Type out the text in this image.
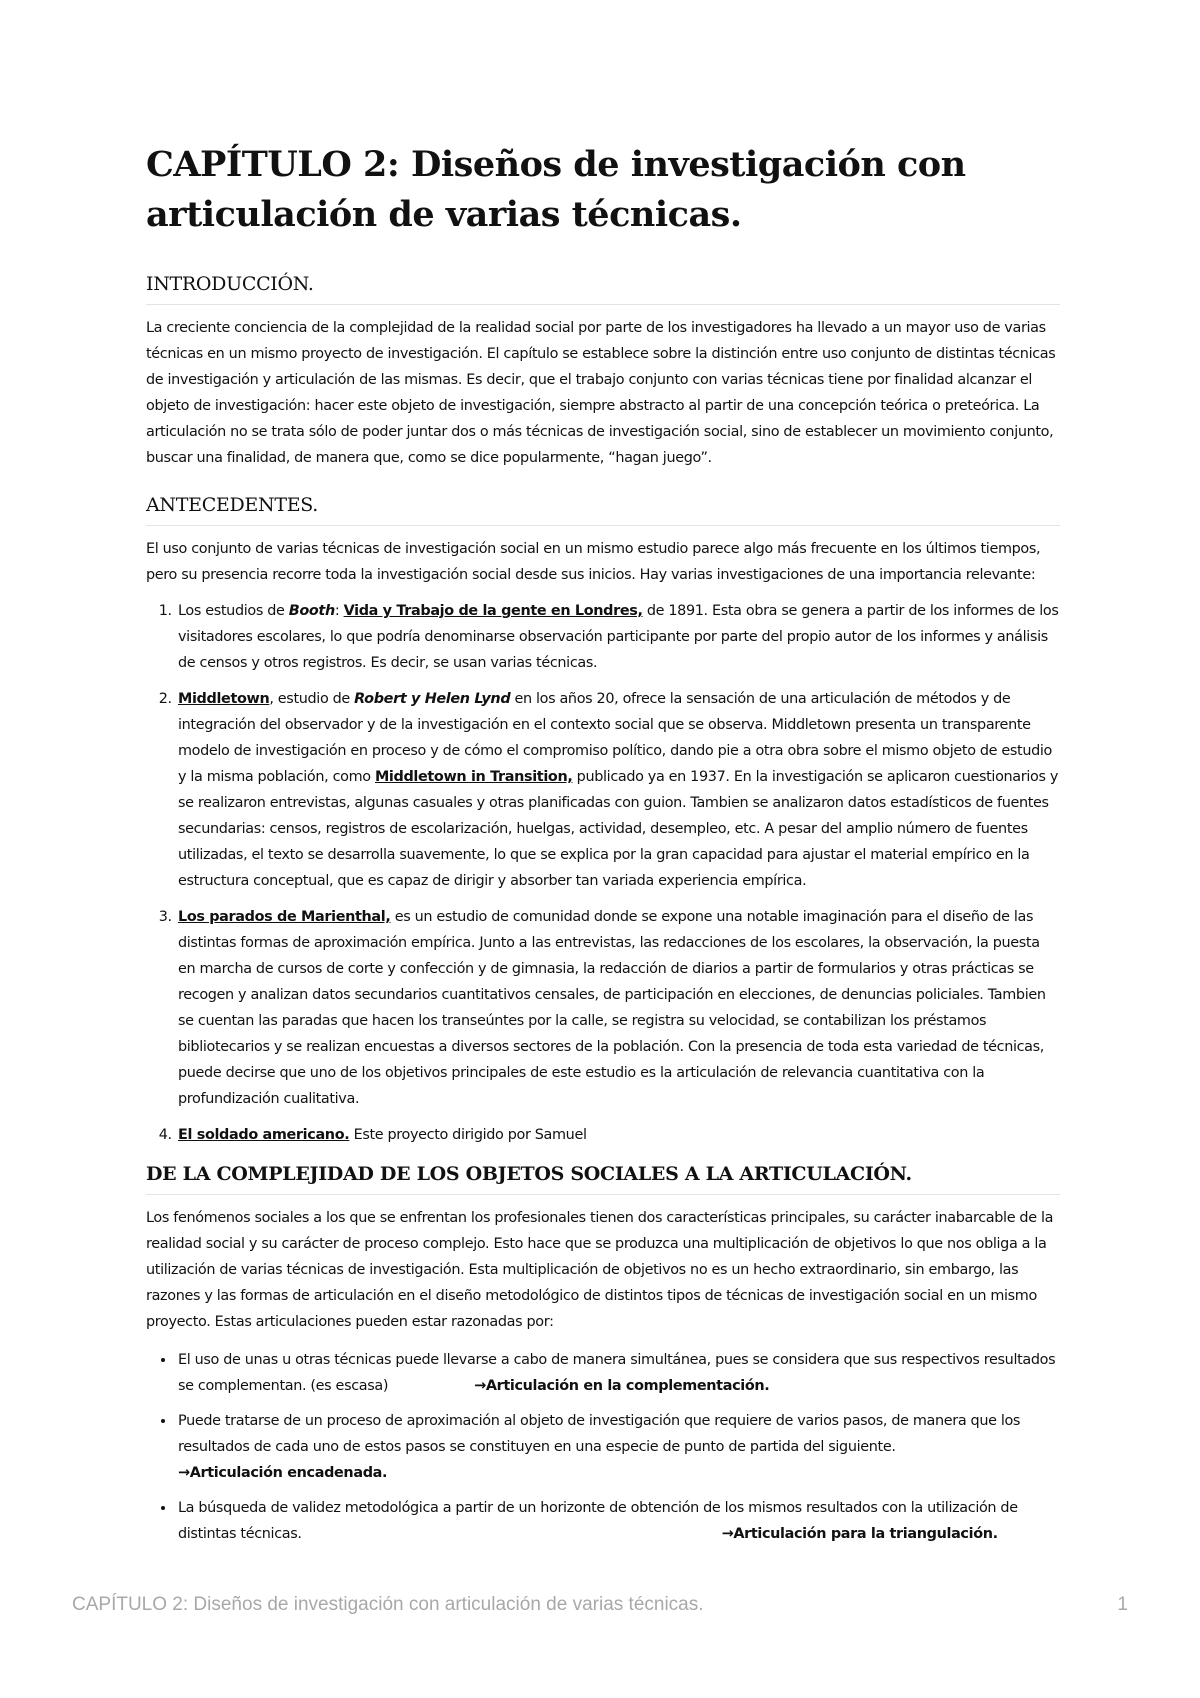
CAPÍTULO 2: Diseños de investigación con articulación de varias técnicas.
INTRODUCCIÓN.

La creciente conciencia de la complejidad de la realidad social por parte de los investigadores ha llevado a un mayor uso de varias técnicas en un mismo proyecto de investigación. El capítulo se establece sobre la distinción entre uso conjunto de distintas técnicas de investigación y articulación de las mismas. Es decir, que el trabajo conjunto con varias técnicas tiene por finalidad alcanzar el objeto de investigación: hacer este objeto de investigación, siempre abstracto al partir de una concepción teórica o preteórica. La articulación no se trata sólo de poder juntar dos o más técnicas de investigación social, sino de establecer un movimiento conjunto, buscar una finalidad, de manera que, como se dice popularmente, “hagan juego”.

ANTECEDENTES.

El uso conjunto de varias técnicas de investigación social en un mismo estudio parece algo más frecuente en los últimos tiempos, pero su presencia recorre toda la investigación social desde sus inicios. Hay varias investigaciones de una importancia relevante:

1. Los estudios de Booth: Vida y Trabajo de la gente en Londres, de 1891. Esta obra se genera a partir de los informes de los visitadores escolares, lo que podría denominarse observación participante por parte del propio autor de los informes y análisis de censos y otros registros. Es decir, se usan varias técnicas.
2. Middletown, estudio de Robert y Helen Lynd en los años 20, ofrece la sensación de una articulación de métodos y de integración del observador y de la investigación en el contexto social que se observa. Middletown presenta un transparente modelo de investigación en proceso y de cómo el compromiso político, dando pie a otra obra sobre el mismo objeto de estudio y la misma población, como Middletown in Transition, publicado ya en 1937. En la investigación se aplicaron cuestionarios y se realizaron entrevistas, algunas casuales y otras planificadas con guion. Tambien se analizaron datos estadísticos de fuentes secundarias: censos, registros de escolarización, huelgas, actividad, desempleo, etc. A pesar del amplio número de fuentes utilizadas, el texto se desarrolla suavemente, lo que se explica por la gran capacidad para ajustar el material empírico en la estructura conceptual, que es capaz de dirigir y absorber tan variada experiencia empírica.
3. Los parados de Marienthal, es un estudio de comunidad donde se expone una notable imaginación para el diseño de las distintas formas de aproximación empírica. Junto a las entrevistas, las redacciones de los escolares, la observación, la puesta en marcha de cursos de corte y confección y de gimnasia, la redacción de diarios a partir de formularios y otras prácticas se recogen y analizan datos secundarios cuantitativos censales, de participación en elecciones, de denuncias policiales. Tambien se cuentan las paradas que hacen los transeúntes por la calle, se registra su velocidad, se contabilizan los préstamos bibliotecarios y se realizan encuestas a diversos sectores de la población. Con la presencia de toda esta variedad de técnicas, puede decirse que uno de los objetivos principales de este estudio es la articulación de relevancia cuantitativa con la profundización cualitativa.
4. El soldado americano. Este proyecto dirigido por Samuel
DE LA COMPLEJIDAD DE LOS OBJETOS SOCIALES A LA ARTICULACIÓN.

Los fenómenos sociales a los que se enfrentan los profesionales tienen dos características principales, su carácter inabarcable de la realidad social y su carácter de proceso complejo. Esto hace que se produzca una multiplicación de objetivos lo que nos obliga a la utilización de varias técnicas de investigación. Esta multiplicación de objetivos no es un hecho extraordinario, sin embargo, las razones y las formas de articulación en el diseño metodológico de distintos tipos de técnicas de investigación social en un mismo proyecto. Estas articulaciones pueden estar razonadas por:

• El uso de unas u otras técnicas puede llevarse a cabo de manera simultánea, pues se considera que sus respectivos resultados se complementan. (es escasa)	→Articulación en la complementación.
• Puede tratarse de un proceso de aproximación al objeto de investigación que requiere de varios pasos, de manera que los resultados de cada uno de estos pasos se constituyen en una especie de punto de partida del siguiente.
→Articulación encadenada.
• La búsqueda de validez metodológica a partir de un horizonte de obtención de los mismos resultados con la utilización de distintas técnicas.	→Articulación para la triangulación.
CAPÍTULO 2: Diseños de investigación con articulación de varias técnicas.	1
